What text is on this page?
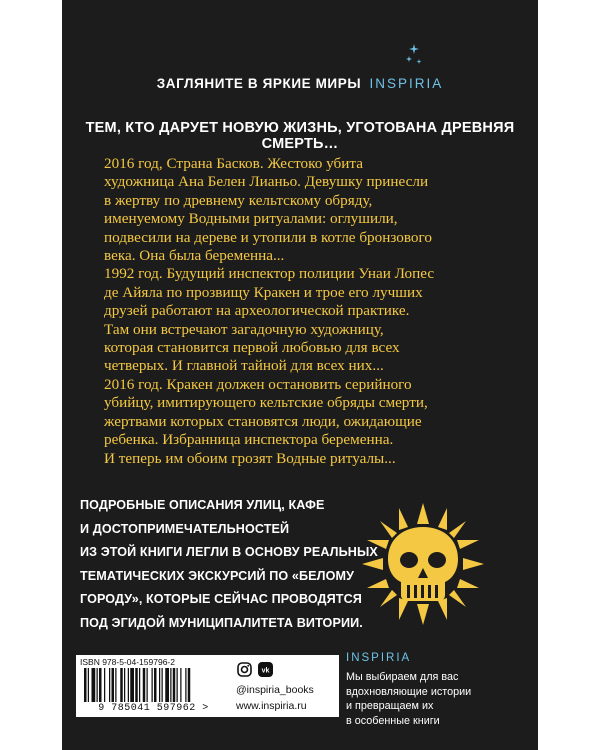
ЗАГЛЯНИТЕ В ЯРКИЕ МИРЫ INSPIRIA
ТЕМ, КТО ДАРУЕТ НОВУЮ ЖИЗНЬ, УГОТОВАНА ДРЕВНЯЯ СМЕРТЬ…
2016 год, Страна Басков. Жестоко убита
художница Ана Белен Лианьо. Девушку принесли
в жертву по древнему кельтскому обряду,
именуемому Водными ритуалами: оглушили,
подвесили на дереве и утопили в котле бронзового
века. Она была беременна...
1992 год. Будущий инспектор полиции Унаи Лопес
де Айяла по прозвищу Кракен и трое его лучших
друзей работают на археологической практике.
Там они встречают загадочную художницу,
которая становится первой любовью для всех
четверых. И главной тайной для всех них...
2016 год. Кракен должен остановить серийного
убийцу, имитирующего кельтские обряды смерти,
жертвами которых становятся люди, ожидающие
ребенка. Избранница инспектора беременна.
И теперь им обоим грозят Водные ритуалы...
ПОДРОБНЫЕ ОПИСАНИЯ УЛИЦ, КАФЕ
И ДОСТОПРИМЕЧАТЕЛЬНОСТЕЙ
ИЗ ЭТОЙ КНИГИ ЛЕГЛИ В ОСНОВУ РЕАЛЬНЫХ
ТЕМАТИЧЕСКИХ ЭКСКУРСИЙ ПО «БЕЛОМУ
ГОРОДУ», КОТОРЫЕ СЕЙЧАС ПРОВОДЯТСЯ
ПОД ЭГИДОЙ МУНИЦИПАЛИТЕТА ВИТОРИИ.
ISBN 978-5-04-159796-2
9 785041 597962 >
vk
@inspiria_books
www.inspiria.ru
INSPIRIA
Мы выбираем для вас
вдохновляющие истории
и превращаем их
в особенные книги
